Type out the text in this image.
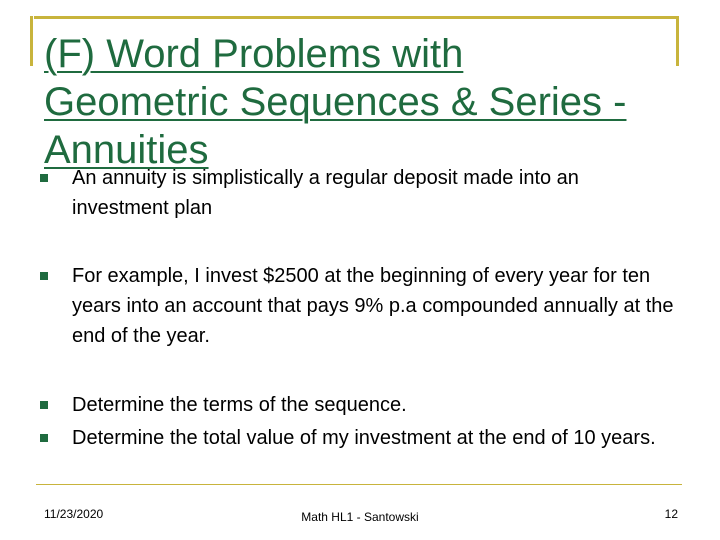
(F) Word Problems with
Geometric Sequences & Series -
Annuities
An annuity is simplistically a regular deposit made into an investment plan
For example, I invest $2500 at the beginning of every year for ten years into an account that pays 9% p.a compounded annually at the end of the year.
Determine the terms of the sequence.
Determine the total value of my investment at the end of 10 years.
11/23/2020	Math HL1 - Santowski	12
